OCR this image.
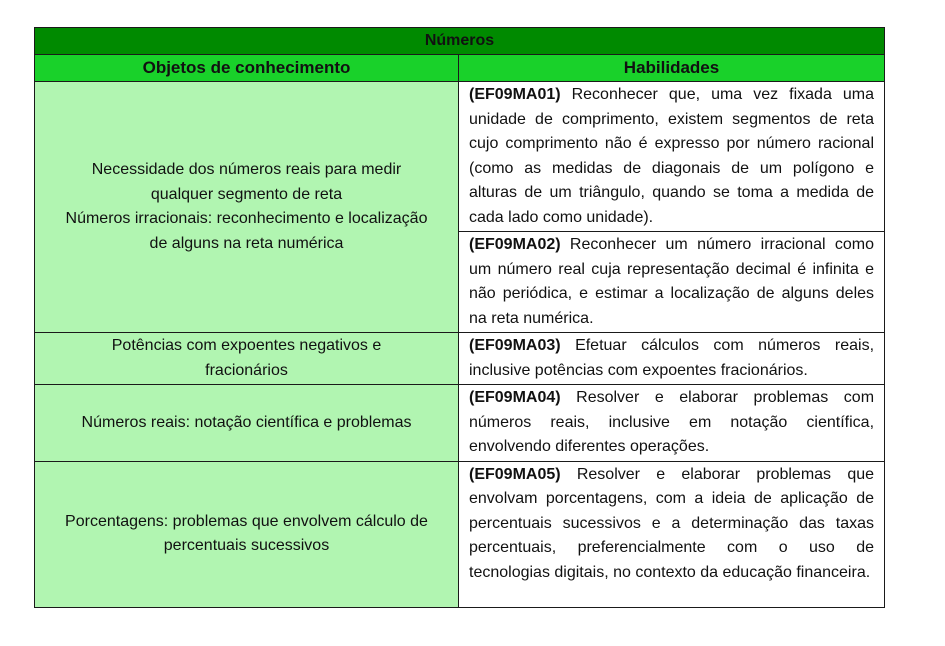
Números	
Objetos de conhecimento	Habilidades

Necessidade dos números reais para medir qualquer segmento de reta
Números irracionais: reconhecimento e localização de alguns na reta numérica	(EF09MA01) Reconhecer que, uma vez fixada uma unidade de comprimento, existem segmentos de reta cujo comprimento não é expresso por número racional (como as medidas de diagonais de um polígono e alturas de um triângulo, quando se toma a medida de cada lado como unidade).
	(EF09MA02) Reconhecer um número irracional como um número real cuja representação decimal é infinita e não periódica, e estimar a localização de alguns deles na reta numérica.
Potências com expoentes negativos e fracionários	(EF09MA03) Efetuar cálculos com números reais, inclusive potências com expoentes fracionários.
Números reais: notação científica e problemas	(EF09MA04) Resolver e elaborar problemas com números reais, inclusive em notação científica, envolvendo diferentes operações.
Porcentagens: problemas que envolvem cálculo de percentuais sucessivos	(EF09MA05) Resolver e elaborar problemas que envolvam porcentagens, com a ideia de aplicação de percentuais sucessivos e a determinação das taxas percentuais, preferencialmente com o uso de tecnologias digitais, no contexto da educação financeira.
